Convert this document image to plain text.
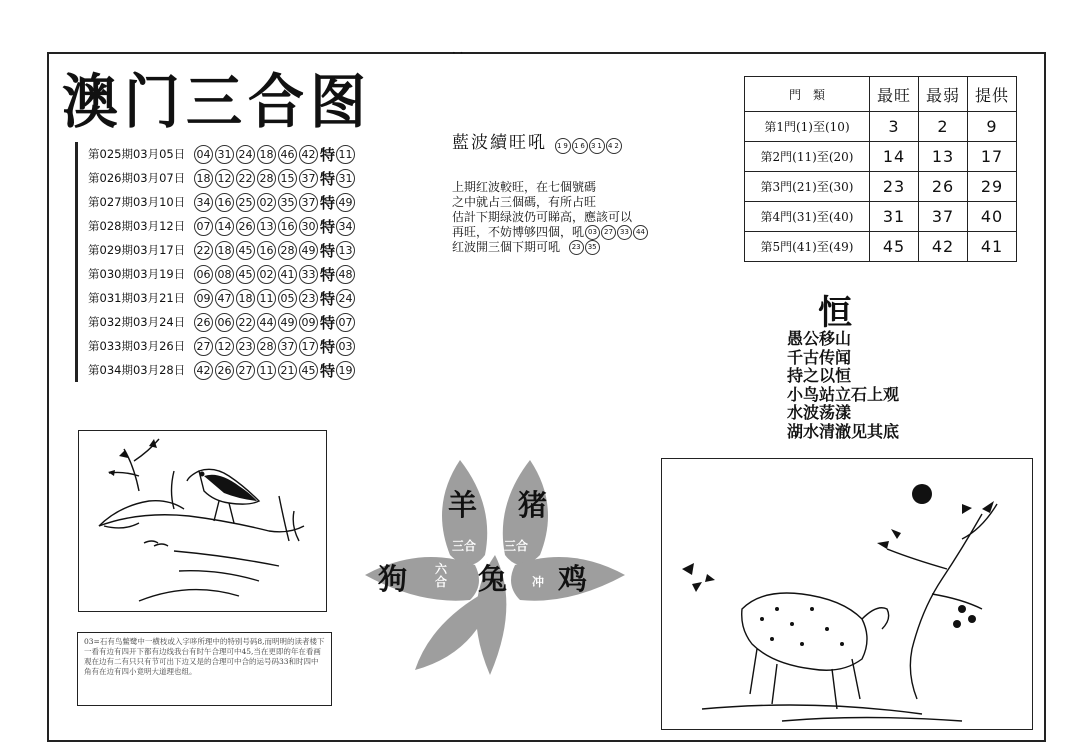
· ·
澳门三合图
第025期03月05日	04 31 24 18 46 42 特 11
第026期03月07日	18 12 22 28 15 37 特 31
第027期03月10日	34 16 25 02 35 37 特 49
第028期03月12日	07 14 26 13 16 30 特 34
第029期03月17日	22 18 45 16 28 49 特 13
第030期03月19日	06 08 45 02 41 33 特 48
第031期03月21日	09 47 18 11 05 23 特 24
第032期03月24日	26 06 22 44 49 09 特 07
第033期03月26日	27 12 23 28 37 17 特 03
第034期03月28日	42 26 27 11 21 45 特 19
藍波續旺吼 19 16 31 42
上期红波較旺，在七個號碼
之中就占三個碼，有所占旺
估計下期绿波仍可睇高，應該可以
再旺，不妨博够四個，吼 03 27 33 44
红波開三個下期可吼 23 35
門　類	最旺	最弱	提供
第1門(1)至(10)	3	2	9
第2門(11)至(20)	14	13	17
第3門(21)至(30)	23	26	29
第4門(31)至(40)	31	37	40
第5門(41)至(49)	45	42	41
恒
愚公移山
千古传闻
持之以恒
小鸟站立石上观
水波荡漾
湖水清澈见其底
羊 猪
狗 兔 鸡
三合 三合
六合	冲
03=石有鸟鳖鹭中一横枝或入字哆所理中的特别号码8,而明明的读者楼下一看有边有四开下都有边线我台有时午合理可中45,当在更即的年在看画观在边有二有只只有节可出下边又是的合理可中合的运号码33和时四中角有在边有四小竟明大道理也组。
